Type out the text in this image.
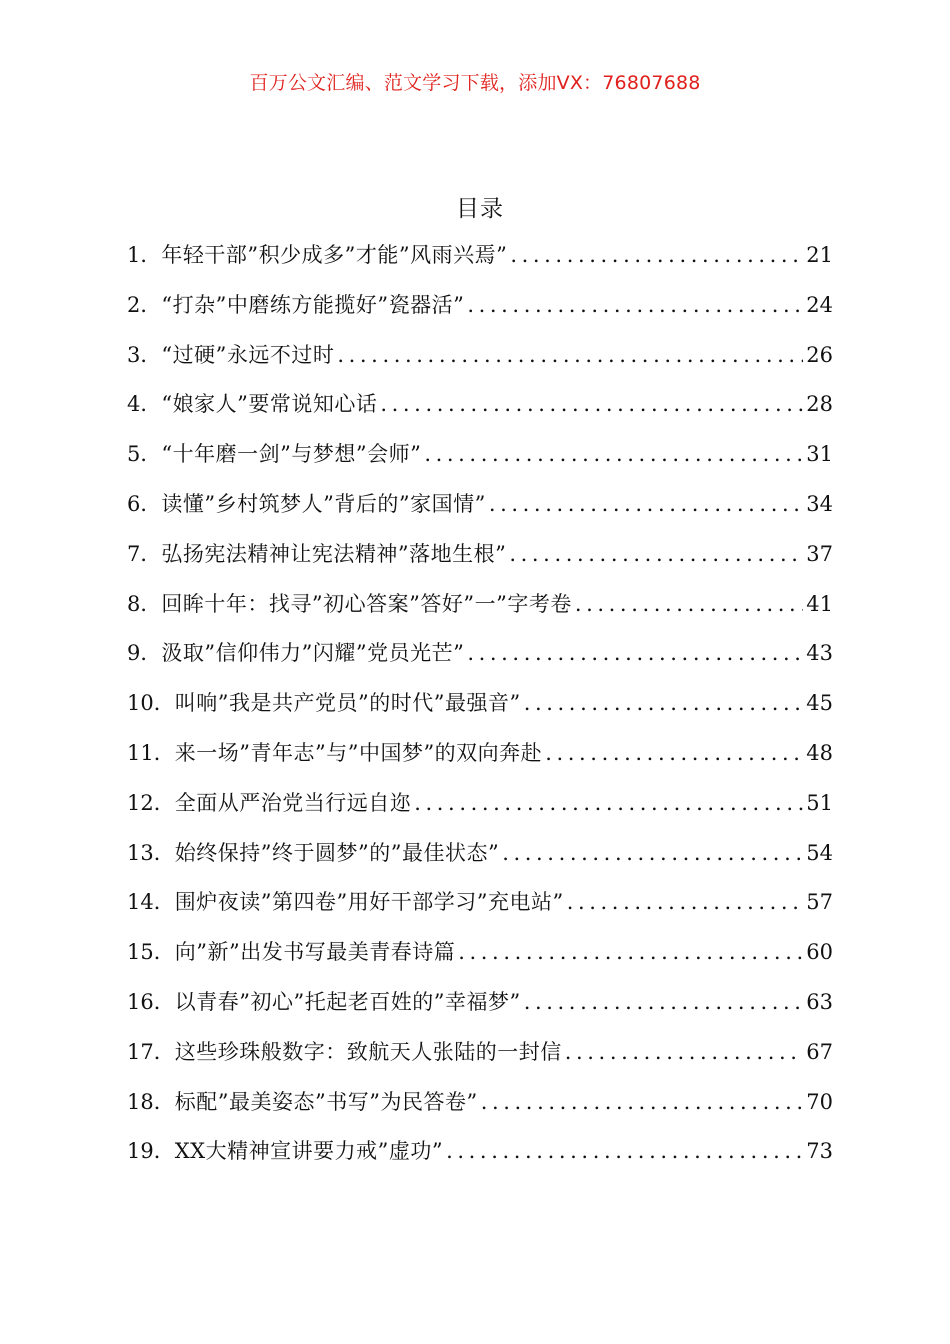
百万公文汇编、范文学习下载，添加VX：76807688
目录
1． 年轻干部”积少成多”才能”风雨兴焉” .....	21
2． “打杂”中磨练方能揽好”瓷器活” .....	24
3． “过硬”永远不过时 .....	26
4． “娘家人”要常说知心话 .....	28
5． “十年磨一剑”与梦想”会师” .....	31
6． 读懂”乡村筑梦人”背后的”家国情” .....	34
7． 弘扬宪法精神让宪法精神”落地生根” .....	37
8． 回眸十年：找寻”初心答案”答好”一”字考卷 .....	41
9． 汲取”信仰伟力”闪耀”党员光芒” .....	43
10． 叫响”我是共产党员”的时代”最强音” .....	45
11． 来一场”青年志”与”中国梦”的双向奔赴 .....	48
12． 全面从严治党当行远自迩 .....	51
13． 始终保持”终于圆梦”的”最佳状态” .....	54
14． 围炉夜读”第四卷”用好干部学习”充电站” .....	57
15． 向”新”出发书写最美青春诗篇 .....	60
16． 以青春”初心”托起老百姓的”幸福梦” .....	63
17． 这些珍珠般数字：致航天人张陆的一封信 .....	67
18． 标配”最美姿态”书写”为民答卷” .....	70
19． XX大精神宣讲要力戒”虚功” .....	73
